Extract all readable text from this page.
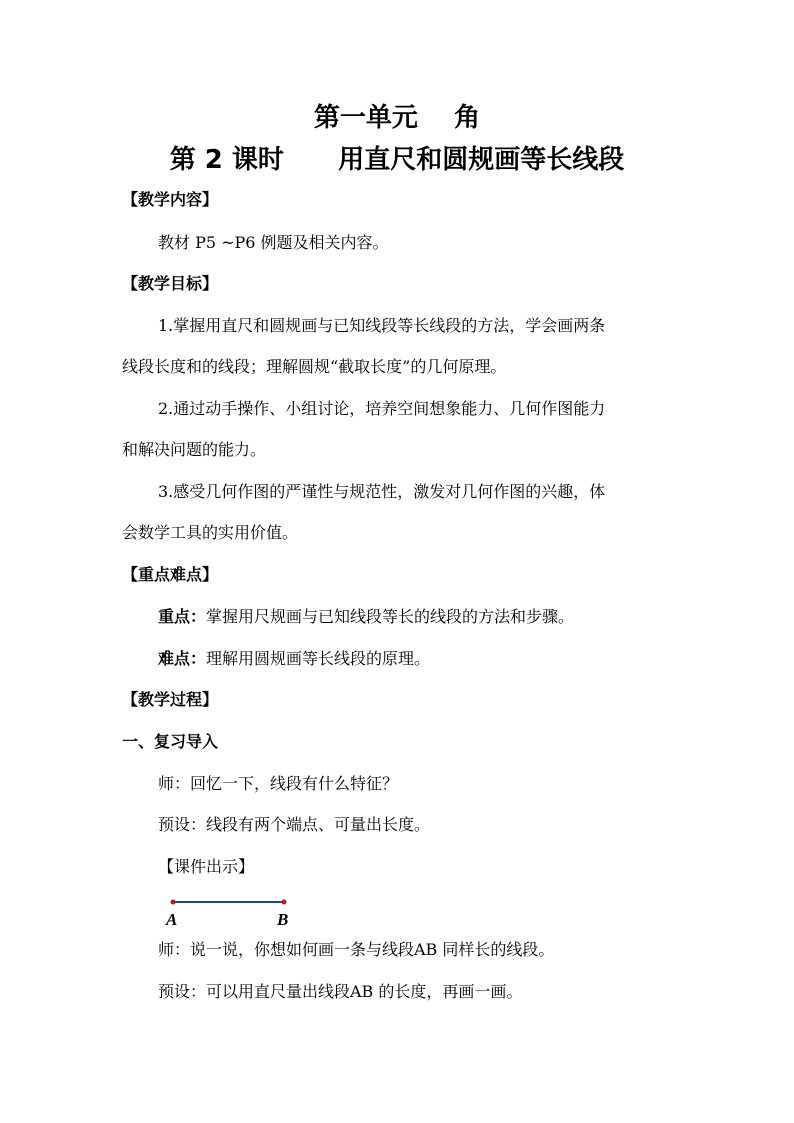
第一单元    角
第 2 课时      用直尺和圆规画等长线段
【教学内容】
教材 P5 ~P6 例题及相关内容。
【教学目标】
1.掌握用直尺和圆规画与已知线段等长线段的方法，学会画两条
线段长度和的线段；理解圆规“截取长度”的几何原理。
2.通过动手操作、小组讨论，培养空间想象能力、几何作图能力
和解决问题的能力。
3.感受几何作图的严谨性与规范性，激发对几何作图的兴趣，体
会数学工具的实用价值。
【重点难点】
重点：掌握用尺规画与已知线段等长的线段的方法和步骤。
难点：理解用圆规画等长线段的原理。
【教学过程】
一、复习导入
师：回忆一下，线段有什么特征？
预设：线段有两个端点、可量出长度。
【课件出示】
A	B
师：说一说，你想如何画一条与线段AB 同样长的线段。
预设：可以用直尺量出线段AB 的长度，再画一画。
